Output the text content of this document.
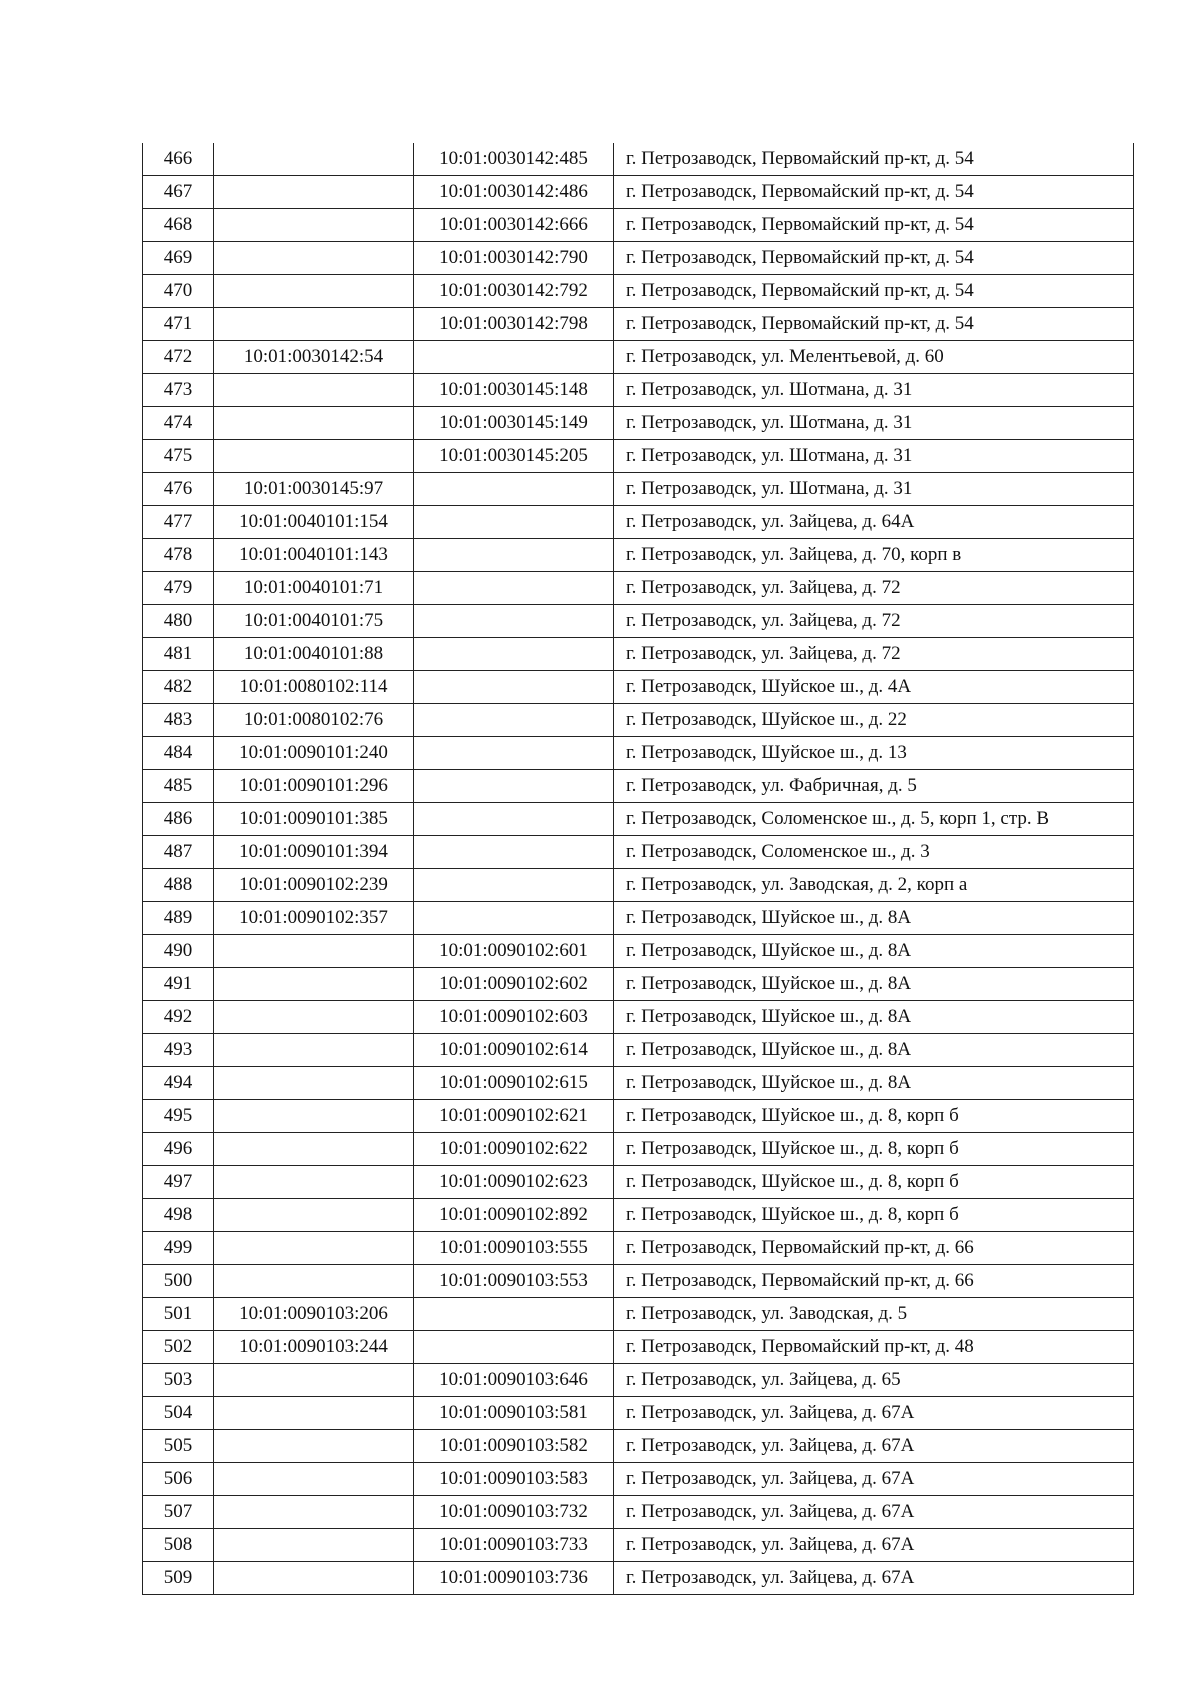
466		10:01:0030142:485	г. Петрозаводск, Первомайский пр-кт, д. 54
467		10:01:0030142:486	г. Петрозаводск, Первомайский пр-кт, д. 54
468		10:01:0030142:666	г. Петрозаводск, Первомайский пр-кт, д. 54
469		10:01:0030142:790	г. Петрозаводск, Первомайский пр-кт, д. 54
470		10:01:0030142:792	г. Петрозаводск, Первомайский пр-кт, д. 54
471		10:01:0030142:798	г. Петрозаводск, Первомайский пр-кт, д. 54
472	10:01:0030142:54		г. Петрозаводск, ул. Мелентьевой, д. 60
473		10:01:0030145:148	г. Петрозаводск, ул. Шотмана, д. 31
474		10:01:0030145:149	г. Петрозаводск, ул. Шотмана, д. 31
475		10:01:0030145:205	г. Петрозаводск, ул. Шотмана, д. 31
476	10:01:0030145:97		г. Петрозаводск, ул. Шотмана, д. 31
477	10:01:0040101:154		г. Петрозаводск, ул. Зайцева, д. 64А
478	10:01:0040101:143		г. Петрозаводск, ул. Зайцева, д. 70, корп в
479	10:01:0040101:71		г. Петрозаводск, ул. Зайцева, д. 72
480	10:01:0040101:75		г. Петрозаводск, ул. Зайцева, д. 72
481	10:01:0040101:88		г. Петрозаводск, ул. Зайцева, д. 72
482	10:01:0080102:114		г. Петрозаводск, Шуйское ш., д. 4А
483	10:01:0080102:76		г. Петрозаводск, Шуйское ш., д. 22
484	10:01:0090101:240		г. Петрозаводск, Шуйское ш., д. 13
485	10:01:0090101:296		г. Петрозаводск, ул. Фабричная, д. 5
486	10:01:0090101:385		г. Петрозаводск, Соломенское ш., д. 5, корп 1, стр. В
487	10:01:0090101:394		г. Петрозаводск, Соломенское ш., д. 3
488	10:01:0090102:239		г. Петрозаводск, ул. Заводская, д. 2, корп а
489	10:01:0090102:357		г. Петрозаводск, Шуйское ш., д. 8А
490		10:01:0090102:601	г. Петрозаводск, Шуйское ш., д. 8А
491		10:01:0090102:602	г. Петрозаводск, Шуйское ш., д. 8А
492		10:01:0090102:603	г. Петрозаводск, Шуйское ш., д. 8А
493		10:01:0090102:614	г. Петрозаводск, Шуйское ш., д. 8А
494		10:01:0090102:615	г. Петрозаводск, Шуйское ш., д. 8А
495		10:01:0090102:621	г. Петрозаводск, Шуйское ш., д. 8, корп б
496		10:01:0090102:622	г. Петрозаводск, Шуйское ш., д. 8, корп б
497		10:01:0090102:623	г. Петрозаводск, Шуйское ш., д. 8, корп б
498		10:01:0090102:892	г. Петрозаводск, Шуйское ш., д. 8, корп б
499		10:01:0090103:555	г. Петрозаводск, Первомайский пр-кт, д. 66
500		10:01:0090103:553	г. Петрозаводск, Первомайский пр-кт, д. 66
501	10:01:0090103:206		г. Петрозаводск, ул. Заводская, д. 5
502	10:01:0090103:244		г. Петрозаводск, Первомайский пр-кт, д. 48
503		10:01:0090103:646	г. Петрозаводск, ул. Зайцева, д. 65
504		10:01:0090103:581	г. Петрозаводск, ул. Зайцева, д. 67А
505		10:01:0090103:582	г. Петрозаводск, ул. Зайцева, д. 67А
506		10:01:0090103:583	г. Петрозаводск, ул. Зайцева, д. 67А
507		10:01:0090103:732	г. Петрозаводск, ул. Зайцева, д. 67А
508		10:01:0090103:733	г. Петрозаводск, ул. Зайцева, д. 67А
509		10:01:0090103:736	г. Петрозаводск, ул. Зайцева, д. 67А
